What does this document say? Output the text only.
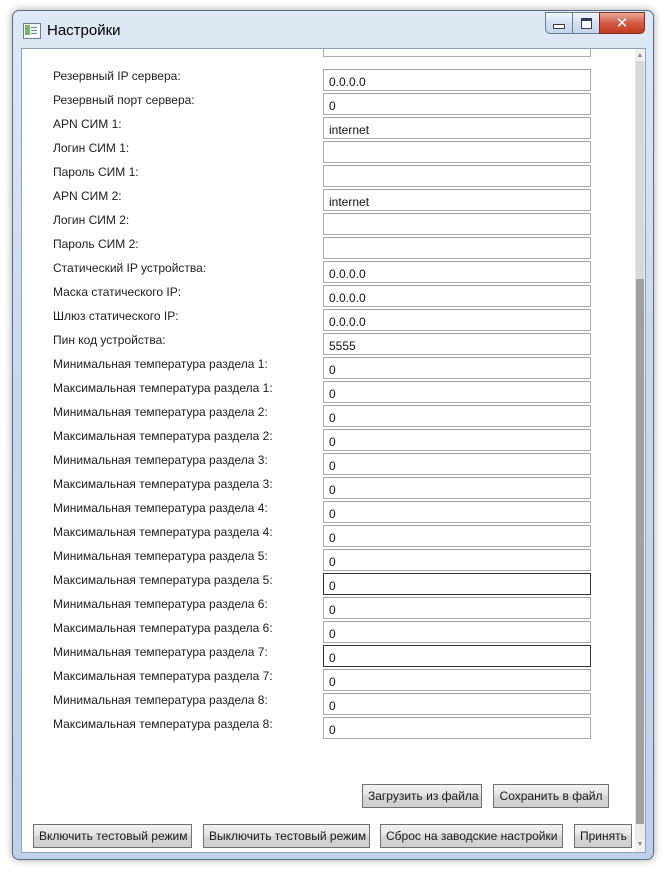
Настройки	✕
Резервный IP сервера:
0.0.0.0
Резервный порт сервера:
0
APN СИМ 1:
internet
Логин СИМ 1:
Пароль СИМ 1:
APN СИМ 2:
internet
Логин СИМ 2:
Пароль СИМ 2:
Статический IP устройства:
0.0.0.0
Маска статического IP:
0.0.0.0
Шлюз статического IP:
0.0.0.0
Пин код устройства:
5555
Минимальная температура раздела 1:
0
Максимальная температура раздела 1:
0
Минимальная температура раздела 2:
0
Максимальная температура раздела 2:
0
Минимальная температура раздела 3:
0
Максимальная температура раздела 3:
0
Минимальная температура раздела 4:
0
Максимальная температура раздела 4:
0
Минимальная температура раздела 5:
0
Максимальная температура раздела 5:
0
Минимальная температура раздела 6:
0
Максимальная температура раздела 6:
0
Минимальная температура раздела 7:
0
Максимальная температура раздела 7:
0
Минимальная температура раздела 8:
0
Максимальная температура раздела 8:
0
Загрузить из файла	Сохранить в файл
Включить тестовый режим	Выключить тестовый режим	Сброс на заводские настройки	Принять
▲
▼
